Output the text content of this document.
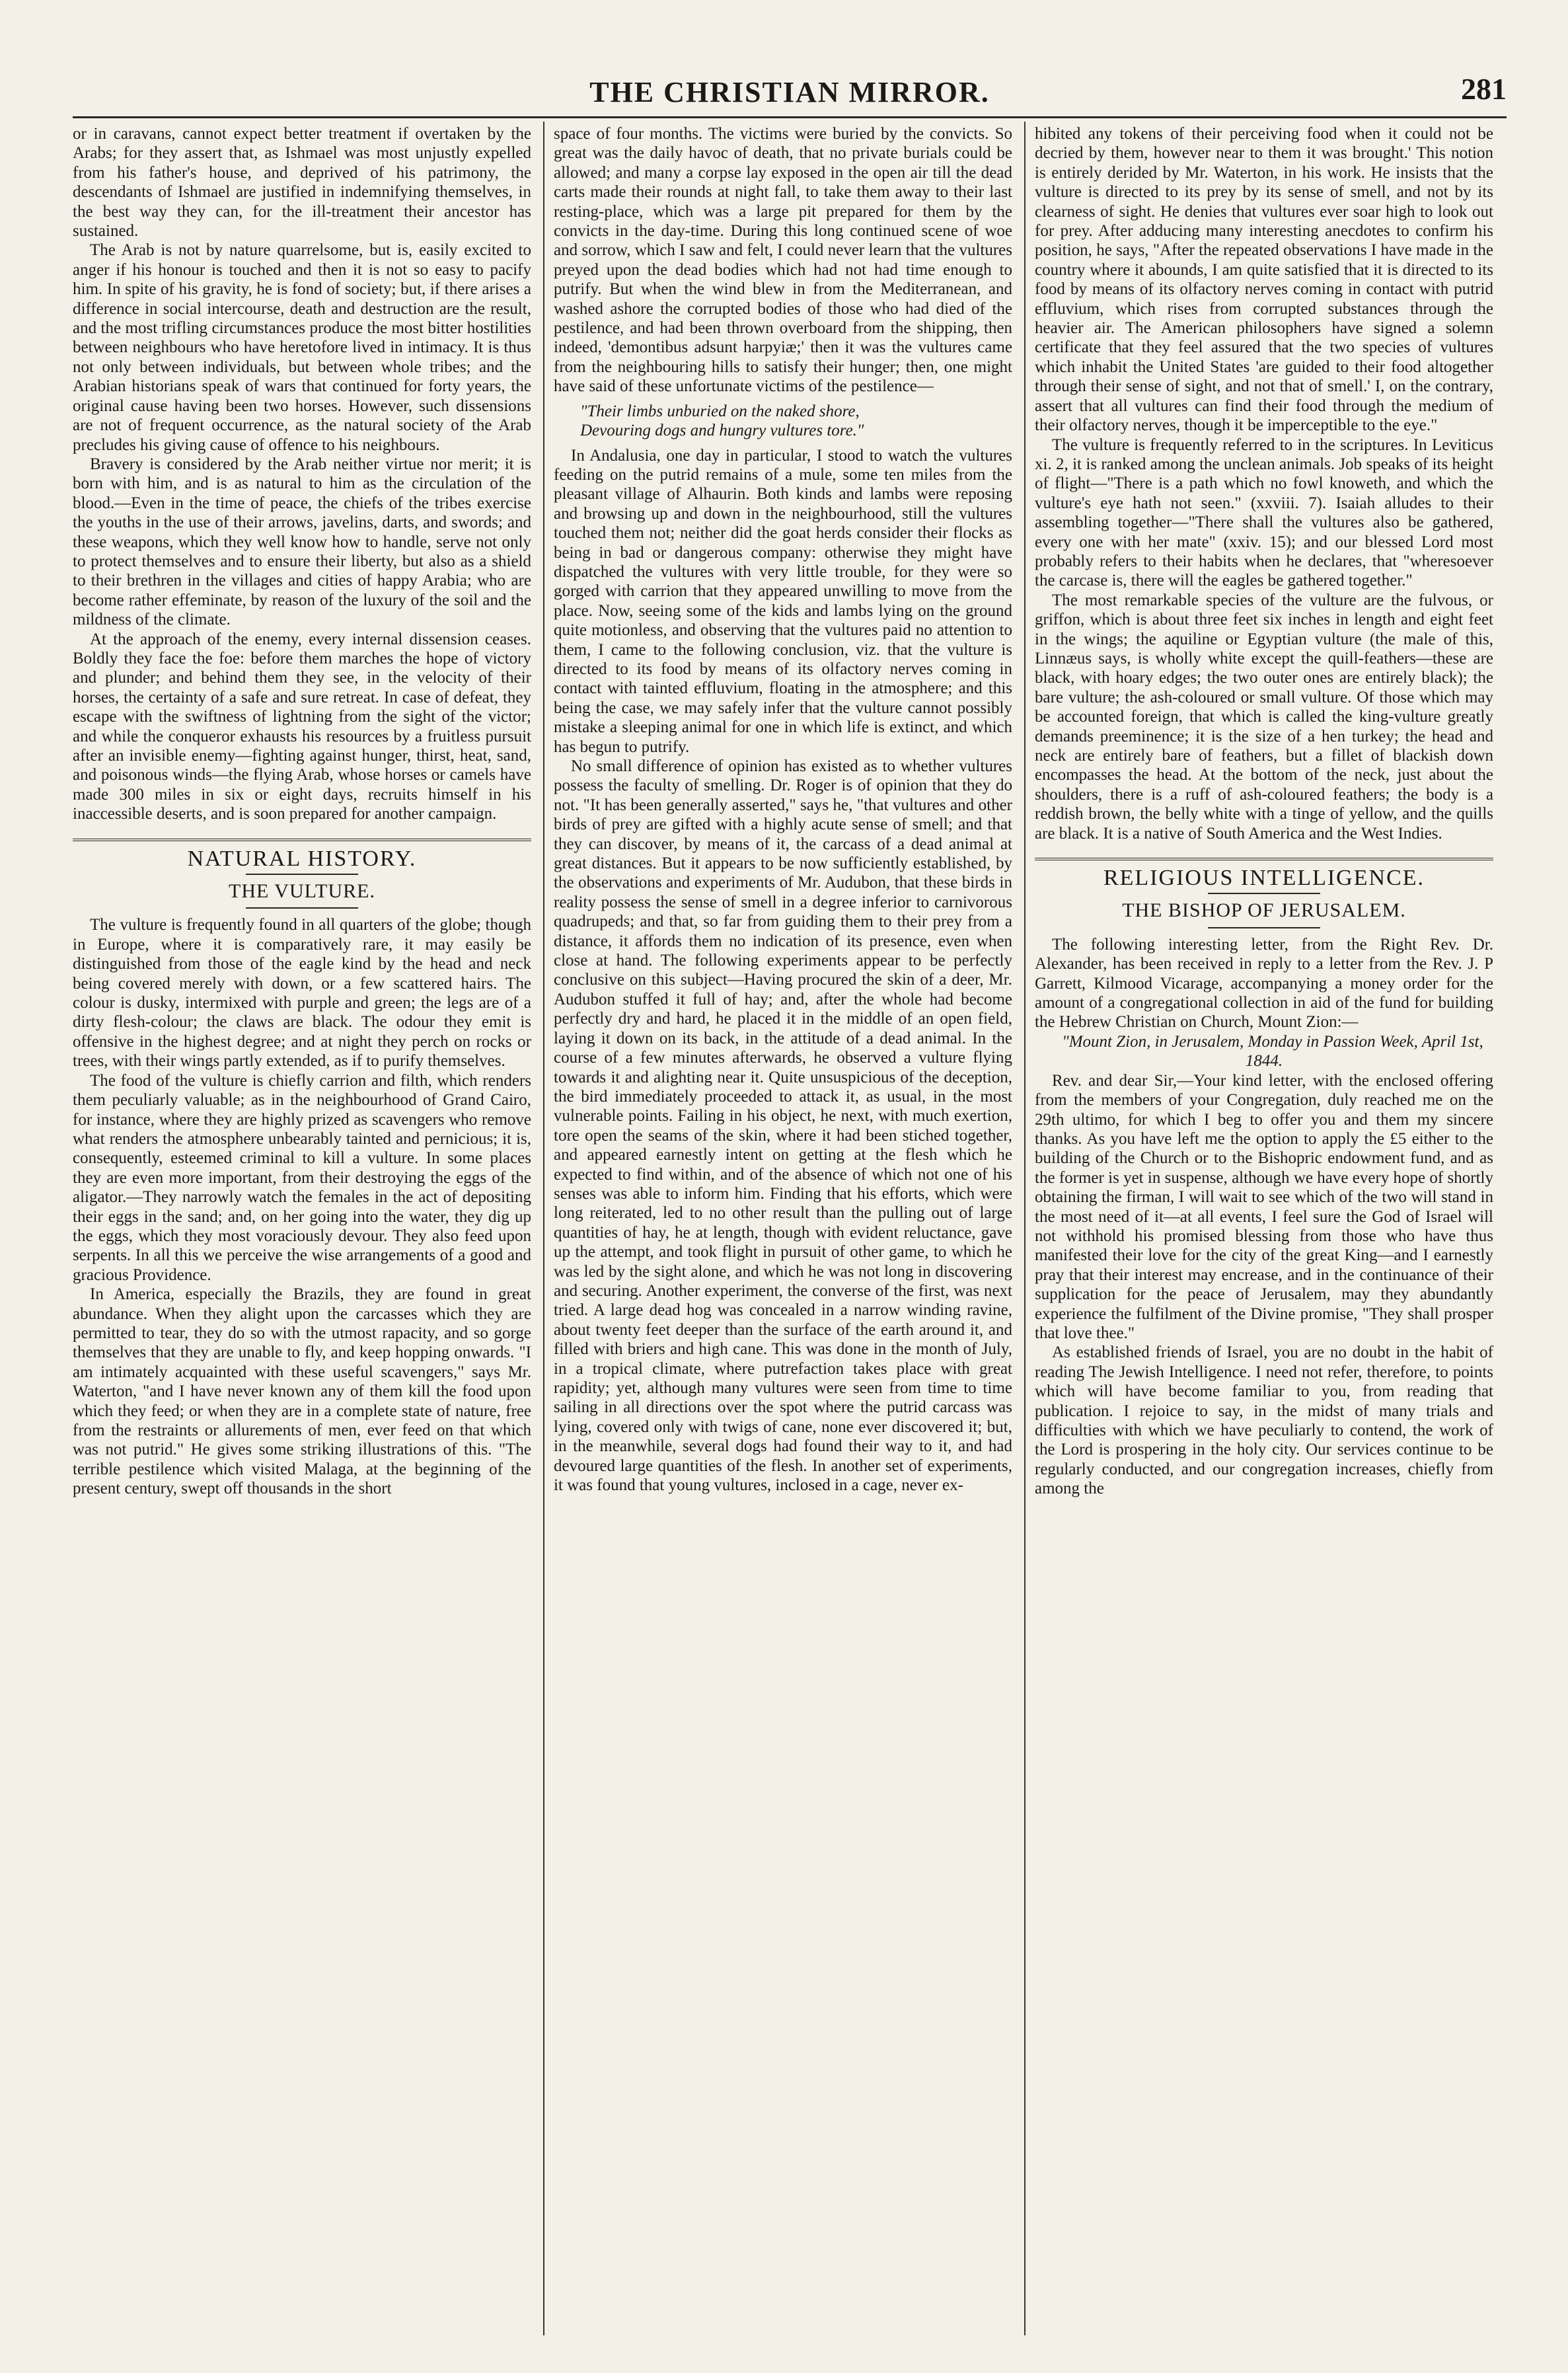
THE CHRISTIAN MIRROR.	281

or in caravans, cannot expect better treatment if overtaken by the Arabs; for they assert that, as Ishmael was most unjustly expelled from his father's house, and deprived of his patrimony, the descendants of Ishmael are justified in indemnifying themselves, in the best way they can, for the ill-treatment their ancestor has sustained.

The Arab is not by nature quarrelsome, but is, easily excited to anger if his honour is touched and then it is not so easy to pacify him. In spite of his gravity, he is fond of society; but, if there arises a difference in social intercourse, death and destruction are the result, and the most trifling circumstances produce the most bitter hostilities between neighbours who have heretofore lived in intimacy. It is thus not only between individuals, but between whole tribes; and the Arabian historians speak of wars that continued for forty years, the original cause having been two horses. However, such dissensions are not of frequent occurrence, as the natural society of the Arab precludes his giving cause of offence to his neighbours.

Bravery is considered by the Arab neither virtue nor merit; it is born with him, and is as natural to him as the circulation of the blood.—Even in the time of peace, the chiefs of the tribes exercise the youths in the use of their arrows, javelins, darts, and swords; and these weapons, which they well know how to handle, serve not only to protect themselves and to ensure their liberty, but also as a shield to their brethren in the villages and cities of happy Arabia; who are become rather effeminate, by reason of the luxury of the soil and the mildness of the climate.

At the approach of the enemy, every internal dissension ceases. Boldly they face the foe: before them marches the hope of victory and plunder; and behind them they see, in the velocity of their horses, the certainty of a safe and sure retreat. In case of defeat, they escape with the swiftness of lightning from the sight of the victor; and while the conqueror exhausts his resources by a fruitless pursuit after an invisible enemy—fighting against hunger, thirst, heat, sand, and poisonous winds—the flying Arab, whose horses or camels have made 300 miles in six or eight days, recruits himself in his inaccessible deserts, and is soon prepared for another campaign.

NATURAL HISTORY.
THE VULTURE.

The vulture is frequently found in all quarters of the globe; though in Europe, where it is comparatively rare, it may easily be distinguished from those of the eagle kind by the head and neck being covered merely with down, or a few scattered hairs. The colour is dusky, intermixed with purple and green; the legs are of a dirty flesh-colour; the claws are black. The odour they emit is offensive in the highest degree; and at night they perch on rocks or trees, with their wings partly extended, as if to purify themselves.

The food of the vulture is chiefly carrion and filth, which renders them peculiarly valuable; as in the neighbourhood of Grand Cairo, for instance, where they are highly prized as scavengers who remove what renders the atmosphere unbearably tainted and pernicious; it is, consequently, esteemed criminal to kill a vulture. In some places they are even more important, from their destroying the eggs of the aligator.—They narrowly watch the females in the act of depositing their eggs in the sand; and, on her going into the water, they dig up the eggs, which they most voraciously devour. They also feed upon serpents. In all this we perceive the wise arrangements of a good and gracious Providence.

In America, especially the Brazils, they are found in great abundance. When they alight upon the carcasses which they are permitted to tear, they do so with the utmost rapacity, and so gorge themselves that they are unable to fly, and keep hopping onwards. "I am intimately acquainted with these useful scavengers," says Mr. Waterton, "and I have never known any of them kill the food upon which they feed; or when they are in a complete state of nature, free from the restraints or allurements of men, ever feed on that which was not putrid." He gives some striking illustrations of this. "The terrible pestilence which visited Malaga, at the beginning of the present century, swept off thousands in the short

space of four months. The victims were buried by the convicts. So great was the daily havoc of death, that no private burials could be allowed; and many a corpse lay exposed in the open air till the dead carts made their rounds at night fall, to take them away to their last resting-place, which was a large pit prepared for them by the convicts in the day-time. During this long continued scene of woe and sorrow, which I saw and felt, I could never learn that the vultures preyed upon the dead bodies which had not had time enough to putrify. But when the wind blew in from the Mediterranean, and washed ashore the corrupted bodies of those who had died of the pestilence, and had been thrown overboard from the shipping, then indeed, 'demontibus adsunt harpyiæ;' then it was the vultures came from the neighbouring hills to satisfy their hunger; then, one might have said of these unfortunate victims of the pestilence—

"Their limbs unburied on the naked shore,
Devouring dogs and hungry vultures tore."

In Andalusia, one day in particular, I stood to watch the vultures feeding on the putrid remains of a mule, some ten miles from the pleasant village of Alhaurin. Both kinds and lambs were reposing and browsing up and down in the neighbourhood, still the vultures touched them not; neither did the goat herds consider their flocks as being in bad or dangerous company: otherwise they might have dispatched the vultures with very little trouble, for they were so gorged with carrion that they appeared unwilling to move from the place. Now, seeing some of the kids and lambs lying on the ground quite motionless, and observing that the vultures paid no attention to them, I came to the following conclusion, viz. that the vulture is directed to its food by means of its olfactory nerves coming in contact with tainted effluvium, floating in the atmosphere; and this being the case, we may safely infer that the vulture cannot possibly mistake a sleeping animal for one in which life is extinct, and which has begun to putrify.

No small difference of opinion has existed as to whether vultures possess the faculty of smelling. Dr. Roger is of opinion that they do not. "It has been generally asserted," says he, "that vultures and other birds of prey are gifted with a highly acute sense of smell; and that they can discover, by means of it, the carcass of a dead animal at great distances. But it appears to be now sufficiently established, by the observations and experiments of Mr. Audubon, that these birds in reality possess the sense of smell in a degree inferior to carnivorous quadrupeds; and that, so far from guiding them to their prey from a distance, it affords them no indication of its presence, even when close at hand. The following experiments appear to be perfectly conclusive on this subject—Having procured the skin of a deer, Mr. Audubon stuffed it full of hay; and, after the whole had become perfectly dry and hard, he placed it in the middle of an open field, laying it down on its back, in the attitude of a dead animal. In the course of a few minutes afterwards, he observed a vulture flying towards it and alighting near it. Quite unsuspicious of the deception, the bird immediately proceeded to attack it, as usual, in the most vulnerable points. Failing in his object, he next, with much exertion, tore open the seams of the skin, where it had been stiched together, and appeared earnestly intent on getting at the flesh which he expected to find within, and of the absence of which not one of his senses was able to inform him. Finding that his efforts, which were long reiterated, led to no other result than the pulling out of large quantities of hay, he at length, though with evident reluctance, gave up the attempt, and took flight in pursuit of other game, to which he was led by the sight alone, and which he was not long in discovering and securing. Another experiment, the converse of the first, was next tried. A large dead hog was concealed in a narrow winding ravine, about twenty feet deeper than the surface of the earth around it, and filled with briers and high cane. This was done in the month of July, in a tropical climate, where putrefaction takes place with great rapidity; yet, although many vultures were seen from time to time sailing in all directions over the spot where the putrid carcass was lying, covered only with twigs of cane, none ever discovered it; but, in the meanwhile, several dogs had found their way to it, and had devoured large quantities of the flesh. In another set of experiments, it was found that young vultures, inclosed in a cage, never ex-

hibited any tokens of their perceiving food when it could not be decried by them, however near to them it was brought.' This notion is entirely derided by Mr. Waterton, in his work. He insists that the vulture is directed to its prey by its sense of smell, and not by its clearness of sight. He denies that vultures ever soar high to look out for prey. After adducing many interesting anecdotes to confirm his position, he says, "After the repeated observations I have made in the country where it abounds, I am quite satisfied that it is directed to its food by means of its olfactory nerves coming in contact with putrid effluvium, which rises from corrupted substances through the heavier air. The American philosophers have signed a solemn certificate that they feel assured that the two species of vultures which inhabit the United States 'are guided to their food altogether through their sense of sight, and not that of smell.' I, on the contrary, assert that all vultures can find their food through the medium of their olfactory nerves, though it be imperceptible to the eye."

The vulture is frequently referred to in the scriptures. In Leviticus xi. 2, it is ranked among the unclean animals. Job speaks of its height of flight—"There is a path which no fowl knoweth, and which the vulture's eye hath not seen." (xxviii. 7). Isaiah alludes to their assembling together—"There shall the vultures also be gathered, every one with her mate" (xxiv. 15); and our blessed Lord most probably refers to their habits when he declares, that "wheresoever the carcase is, there will the eagles be gathered together."

The most remarkable species of the vulture are the fulvous, or griffon, which is about three feet six inches in length and eight feet in the wings; the aquiline or Egyptian vulture (the male of this, Linnæus says, is wholly white except the quill-feathers—these are black, with hoary edges; the two outer ones are entirely black); the bare vulture; the ash-coloured or small vulture. Of those which may be accounted foreign, that which is called the king-vulture greatly demands preeminence; it is the size of a hen turkey; the head and neck are entirely bare of feathers, but a fillet of blackish down encompasses the head. At the bottom of the neck, just about the shoulders, there is a ruff of ash-coloured feathers; the body is a reddish brown, the belly white with a tinge of yellow, and the quills are black. It is a native of South America and the West Indies.

RELIGIOUS INTELLIGENCE.
THE BISHOP OF JERUSALEM.

The following interesting letter, from the Right Rev. Dr. Alexander, has been received in reply to a letter from the Rev. J. P Garrett, Kilmood Vicarage, accompanying a money order for the amount of a congregational collection in aid of the fund for building the Hebrew Christian on Church, Mount Zion:—

"Mount Zion, in Jerusalem, Monday in Passion Week, April 1st, 1844.

Rev. and dear Sir,—Your kind letter, with the enclosed offering from the members of your Congregation, duly reached me on the 29th ultimo, for which I beg to offer you and them my sincere thanks. As you have left me the option to apply the £5 either to the building of the Church or to the Bishopric endowment fund, and as the former is yet in suspense, although we have every hope of shortly obtaining the firman, I will wait to see which of the two will stand in the most need of it—at all events, I feel sure the God of Israel will not withhold his promised blessing from those who have thus manifested their love for the city of the great King—and I earnestly pray that their interest may encrease, and in the continuance of their supplication for the peace of Jerusalem, may they abundantly experience the fulfilment of the Divine promise, "They shall prosper that love thee."

As established friends of Israel, you are no doubt in the habit of reading The Jewish Intelligence. I need not refer, therefore, to points which will have become familiar to you, from reading that publication. I rejoice to say, in the midst of many trials and difficulties with which we have peculiarly to contend, the work of the Lord is prospering in the holy city. Our services continue to be regularly conducted, and our congregation increases, chiefly from among the
